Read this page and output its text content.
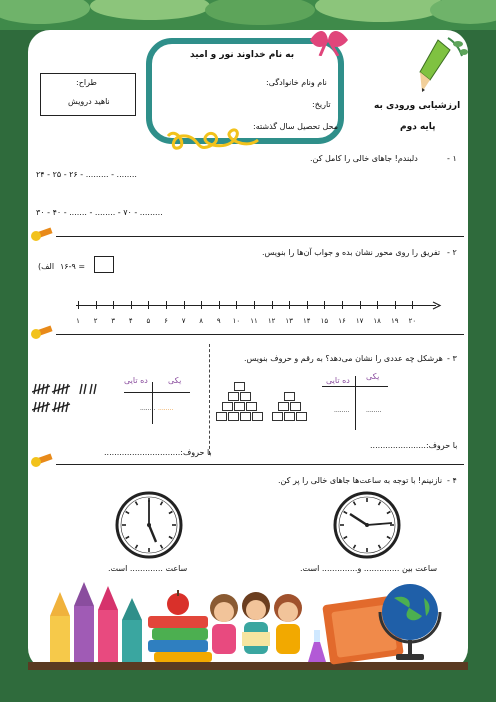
به نام خداوند نور و امید
نام ونام خانوادگی:
تاریخ:
محل تحصیل سال گذشته:
طراح:
ناهید درویش	ارزشیابی ورودی به
پایه دوم
۱ -
دلبندم! جاهای خالی را کامل کن.
۲۴ - ۲۵ - ۲۶ - ......... - ........
۳۰ - ۴۰ - ....... - ........ - ۷۰ - .........
۲ -
تفریق را روی محور نشان بده و جواب آن‌ها را بنویس.
الف) ۱۶-۹ =
۱	۲	۳	۴	۵	۶	۷	۸	۹	۱۰	۱۱	۱۲	۱۳	۱۴	۱۵	۱۶	۱۷	۱۸	۱۹	۲۰
۳ -
هرشکل چه عددی را نشان می‌دهد؟ به رقم و حروف بنویس.
یکی
ده تایی
........ ........
یکی
ده تایی
........	........
با حروف:......................
با حروف:..............................
۴ -
نازنینم! با توجه به ساعت‌ها جاهای خالی را پر کن.
ساعت ............. است.	ساعت بین .............. و.............. است.
